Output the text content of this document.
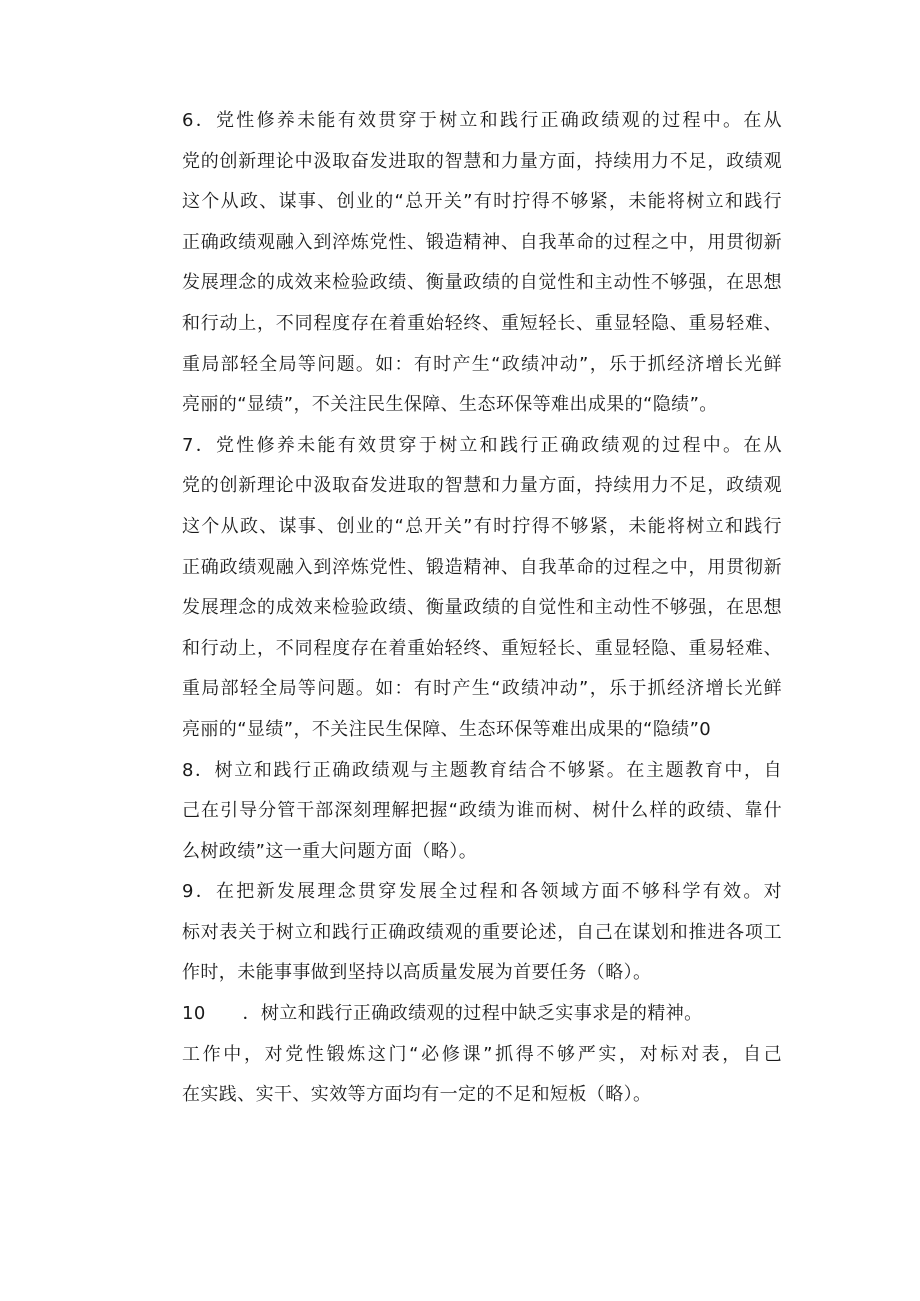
6．党性修养未能有效贯穿于树立和践行正确政绩观的过程中。在从
党的创新理论中汲取奋发进取的智慧和力量方面，持续用力不足，政绩观
这个从政、谋事、创业的“总开关”有时拧得不够紧，未能将树立和践行
正确政绩观融入到淬炼党性、锻造精神、自我革命的过程之中，用贯彻新
发展理念的成效来检验政绩、衡量政绩的自觉性和主动性不够强，在思想
和行动上，不同程度存在着重始轻终、重短轻长、重显轻隐、重易轻难、
重局部轻全局等问题。如：有时产生“政绩冲动”，乐于抓经济增长光鲜
亮丽的“显绩”，不关注民生保障、生态环保等难出成果的“隐绩”。

7．党性修养未能有效贯穿于树立和践行正确政绩观的过程中。在从
党的创新理论中汲取奋发进取的智慧和力量方面，持续用力不足，政绩观
这个从政、谋事、创业的“总开关”有时拧得不够紧，未能将树立和践行
正确政绩观融入到淬炼党性、锻造精神、自我革命的过程之中，用贯彻新
发展理念的成效来检验政绩、衡量政绩的自觉性和主动性不够强，在思想
和行动上，不同程度存在着重始轻终、重短轻长、重显轻隐、重易轻难、
重局部轻全局等问题。如：有时产生“政绩冲动”，乐于抓经济增长光鲜
亮丽的“显绩”，不关注民生保障、生态环保等难出成果的“隐绩”0

8．树立和践行正确政绩观与主题教育结合不够紧。在主题教育中，自
己在引导分管干部深刻理解把握“政绩为谁而树、树什么样的政绩、靠什
么树政绩”这一重大问题方面（略）。

9．在把新发展理念贯穿发展全过程和各领域方面不够科学有效。对
标对表关于树立和践行正确政绩观的重要论述，自己在谋划和推进各项工
作时，未能事事做到坚持以高质量发展为首要任务（略）。

10　　．树立和践行正确政绩观的过程中缺乏实事求是的精神。

工作中，对党性锻炼这门“必修课”抓得不够严实，对标对表，自己
在实践、实干、实效等方面均有一定的不足和短板（略）。
